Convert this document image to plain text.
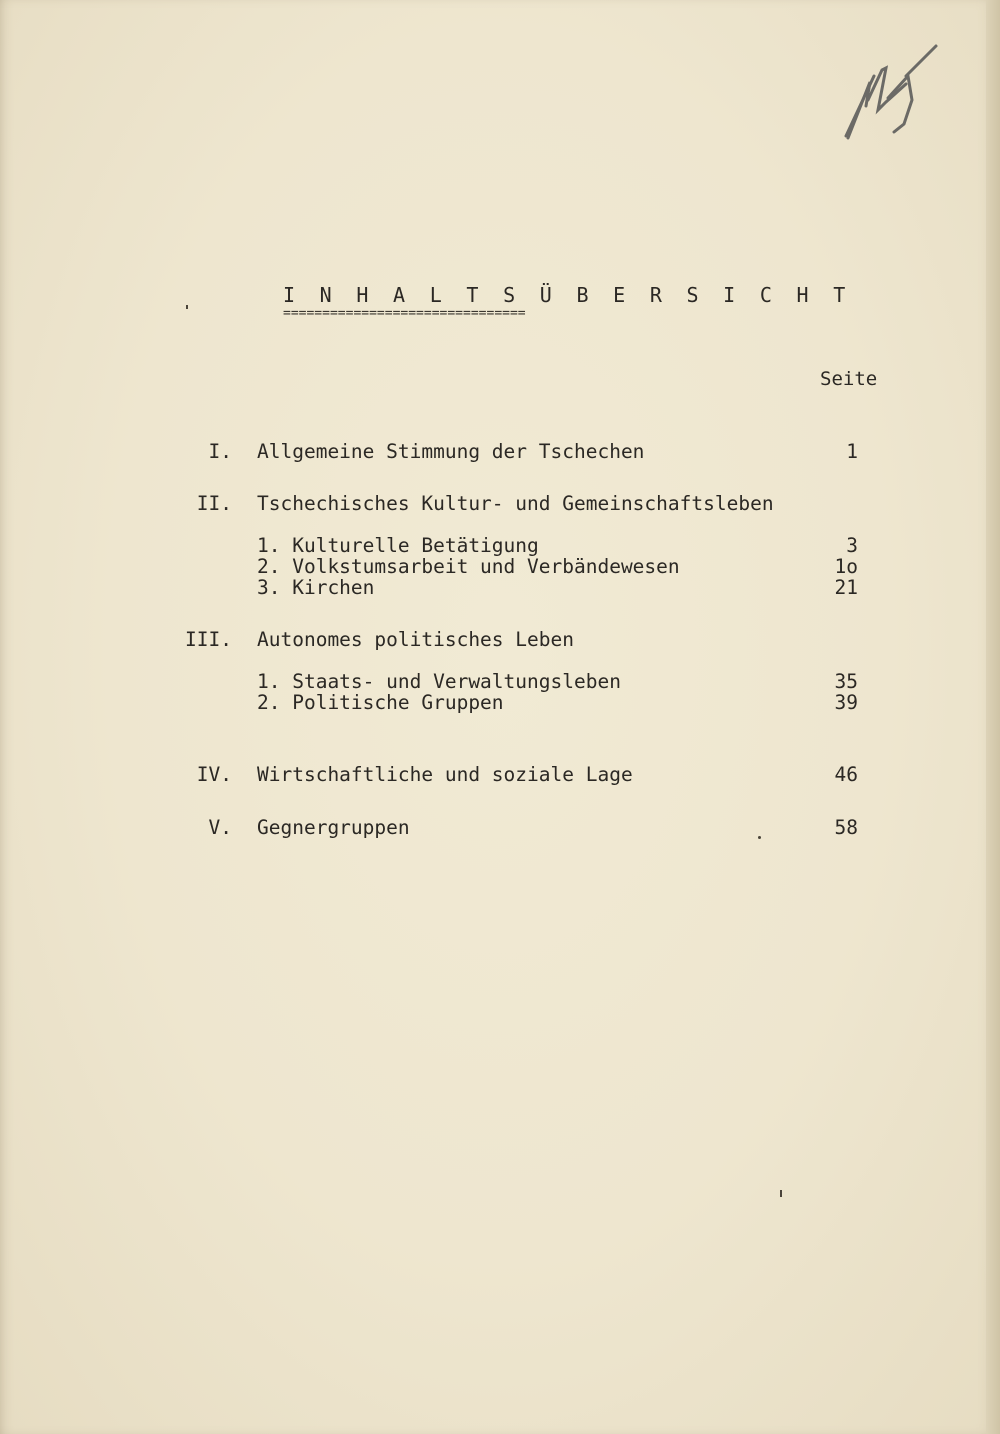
I N H A L T S Ü B E R S I C H T
===============================
Seite
I. Allgemeine Stimmung der Tschechen	1
II. Tschechisches Kultur- und Gemeinschaftsleben
1. Kulturelle Betätigung	3
2. Volkstumsarbeit und Verbändewesen	1o
3. Kirchen	21
III. Autonomes politisches Leben
1. Staats- und Verwaltungsleben	35
2. Politische Gruppen	39
IV. Wirtschaftliche und soziale Lage	46
V. Gegnergruppen	58
